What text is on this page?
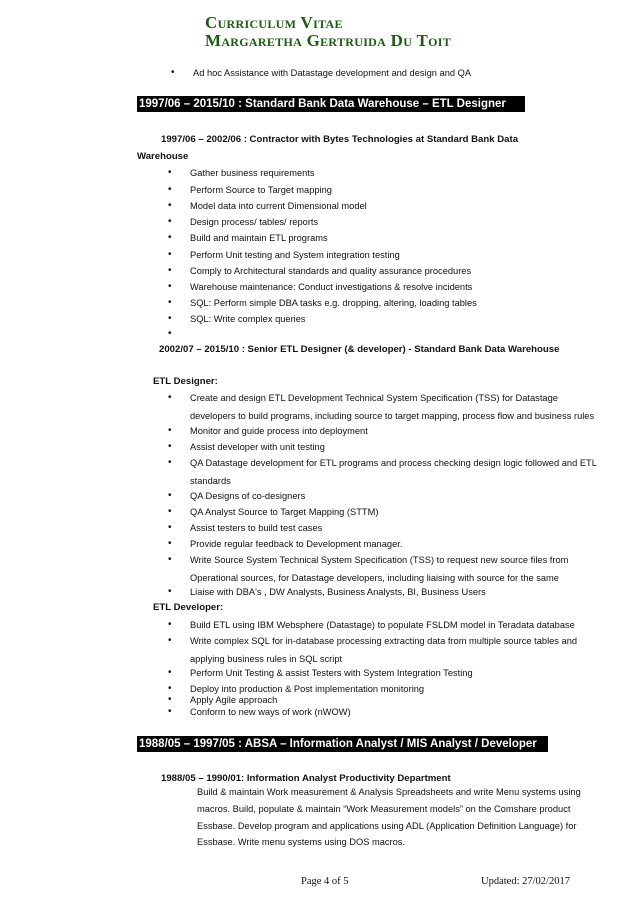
Curriculum Vitae
Margaretha Gertruida Du Toit
• Ad hoc Assistance with Datastage development and design and QA
1997/06 – 2015/10 : Standard Bank Data Warehouse – ETL Designer
1997/06 – 2002/06 : Contractor with Bytes Technologies at Standard Bank Data
Warehouse
• Gather business requirements
• Perform Source to Target mapping
• Model data into current Dimensional model
• Design process/ tables/ reports
• Build and maintain ETL programs
• Perform Unit testing and System integration testing
• Comply to Architectural standards and quality assurance procedures
• Warehouse maintenance: Conduct investigations & resolve incidents
• SQL: Perform simple DBA tasks e.g. dropping, altering, loading tables
• SQL: Write complex queries
•
2002/07 – 2015/10 : Senior ETL Designer (& developer) - Standard Bank Data Warehouse
ETL Designer:
• Create and design ETL Development Technical System Specification (TSS) for Datastage
developers to build programs, including source to target mapping, process flow and business rules
• Monitor and guide process into deployment
• Assist developer with unit testing
• QA Datastage development for ETL programs and process checking design logic followed and ETL
standards
• QA Designs of co-designers
• QA Analyst Source to Target Mapping (STTM)
• Assist testers to build test cases
• Provide regular feedback to Development manager.
• Write Source System Technical System Specification (TSS) to request new source files from
Operational sources, for Datastage developers, including liaising with source for the same
• Liaise with DBA's , DW Analysts, Business Analysts, BI, Business Users
ETL Developer:
• Build ETL using IBM Websphere (Datastage) to populate FSLDM model in Teradata database
• Write complex SQL for in-database processing extracting data from multiple source tables and
applying business rules in SQL script
• Perform Unit Testing & assist Testers with System Integration Testing
• Deploy into production & Post implementation monitoring
• Apply Agile approach
• Conform to new ways of work (nWOW)
1988/05 – 1997/05 : ABSA – Information Analyst / MIS Analyst / Developer
1988/05 – 1990/01: Information Analyst Productivity Department
Build & maintain Work measurement & Analysis Spreadsheets and write Menu systems using
macros. Build, populate & maintain “Work Measurement models” on the Comshare product
Essbase. Develop program and applications using ADL (Application Definition Language) for
Essbase. Write menu systems using DOS macros.
Page 4 of 5	Updated: 27/02/2017
